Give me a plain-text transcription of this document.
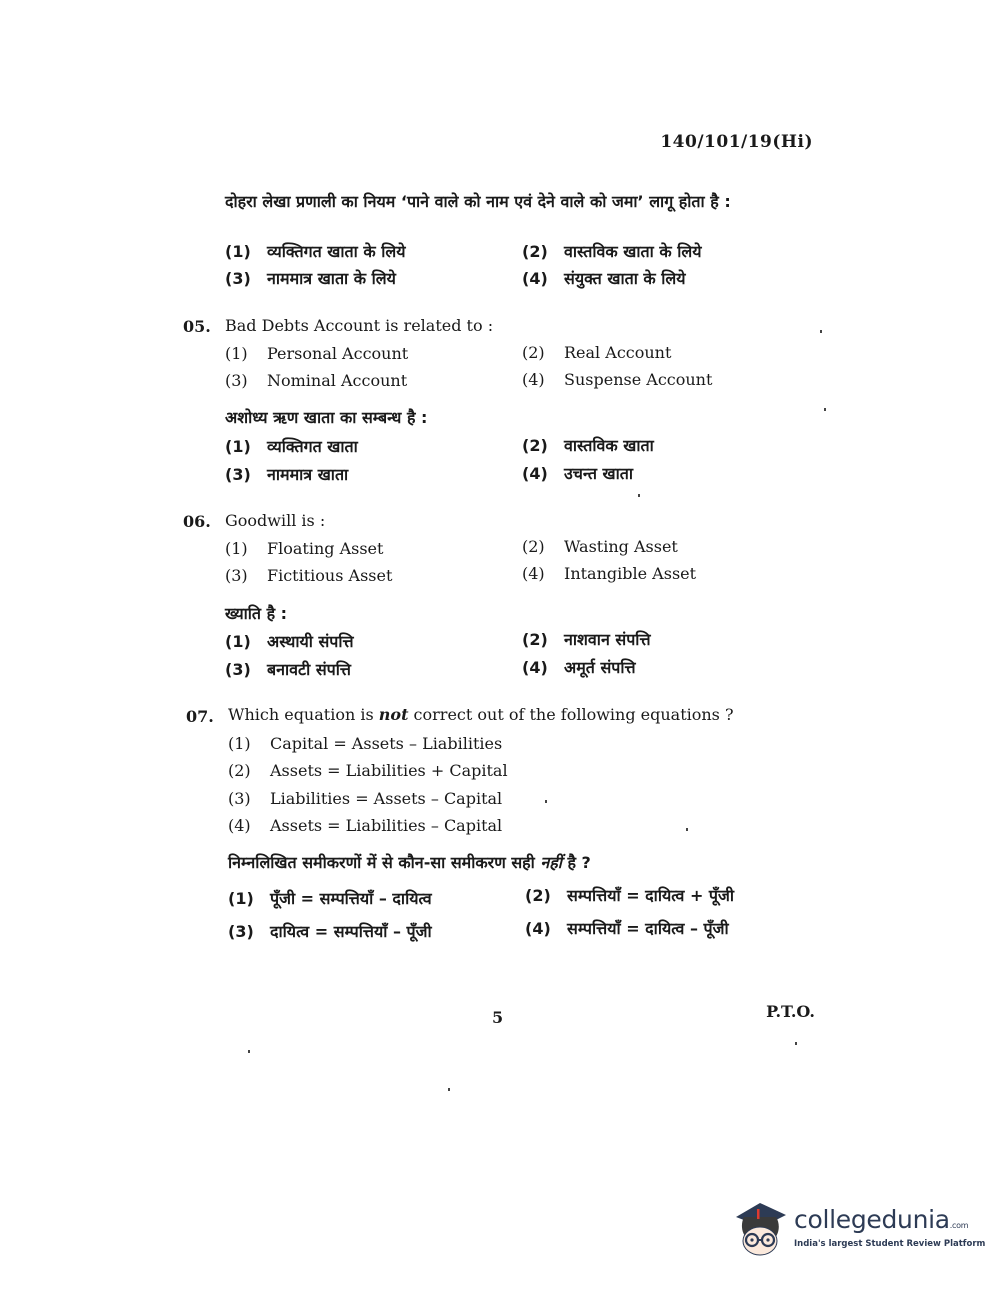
140/101/19(Hi)
दोहरा लेखा प्रणाली का नियम ‘पाने वाले को नाम एवं देने वाले को जमा’ लागू होता है :
(1) व्यक्तिगत खाता के लिये	(2) वास्तविक खाता के लिये
(3) नाममात्र खाता के लिये	(4) संयुक्त खाता के लिये
05. Bad Debts Account is related to :
(1) Personal Account	(2) Real Account
(3) Nominal Account	(4) Suspense Account
अशोध्य ऋण खाता का सम्बन्ध है :
(1) व्यक्तिगत खाता	(2) वास्तविक खाता
(3) नाममात्र खाता	(4) उचन्त खाता
06. Goodwill is :
(1) Floating Asset	(2) Wasting Asset
(3) Fictitious Asset	(4) Intangible Asset
ख्याति है :
(1) अस्थायी संपत्ति	(2) नाशवान संपत्ति
(3) बनावटी संपत्ति	(4) अमूर्त संपत्ति
07. Which equation is not correct out of the following equations ?
(1) Capital = Assets – Liabilities
(2) Assets = Liabilities + Capital
(3) Liabilities = Assets – Capital
(4) Assets = Liabilities – Capital
निम्नलिखित समीकरणों में से कौन-सा समीकरण सही नहीं है ?
(1) पूँजी = सम्पत्तियाँ – दायित्व	(2) सम्पत्तियाँ = दायित्व + पूँजी
(3) दायित्व = सम्पत्तियाँ – पूँजी	(4) सम्पत्तियाँ = दायित्व – पूँजी
5	P.T.O.
collegedunia.com
India's largest Student Review Platform
